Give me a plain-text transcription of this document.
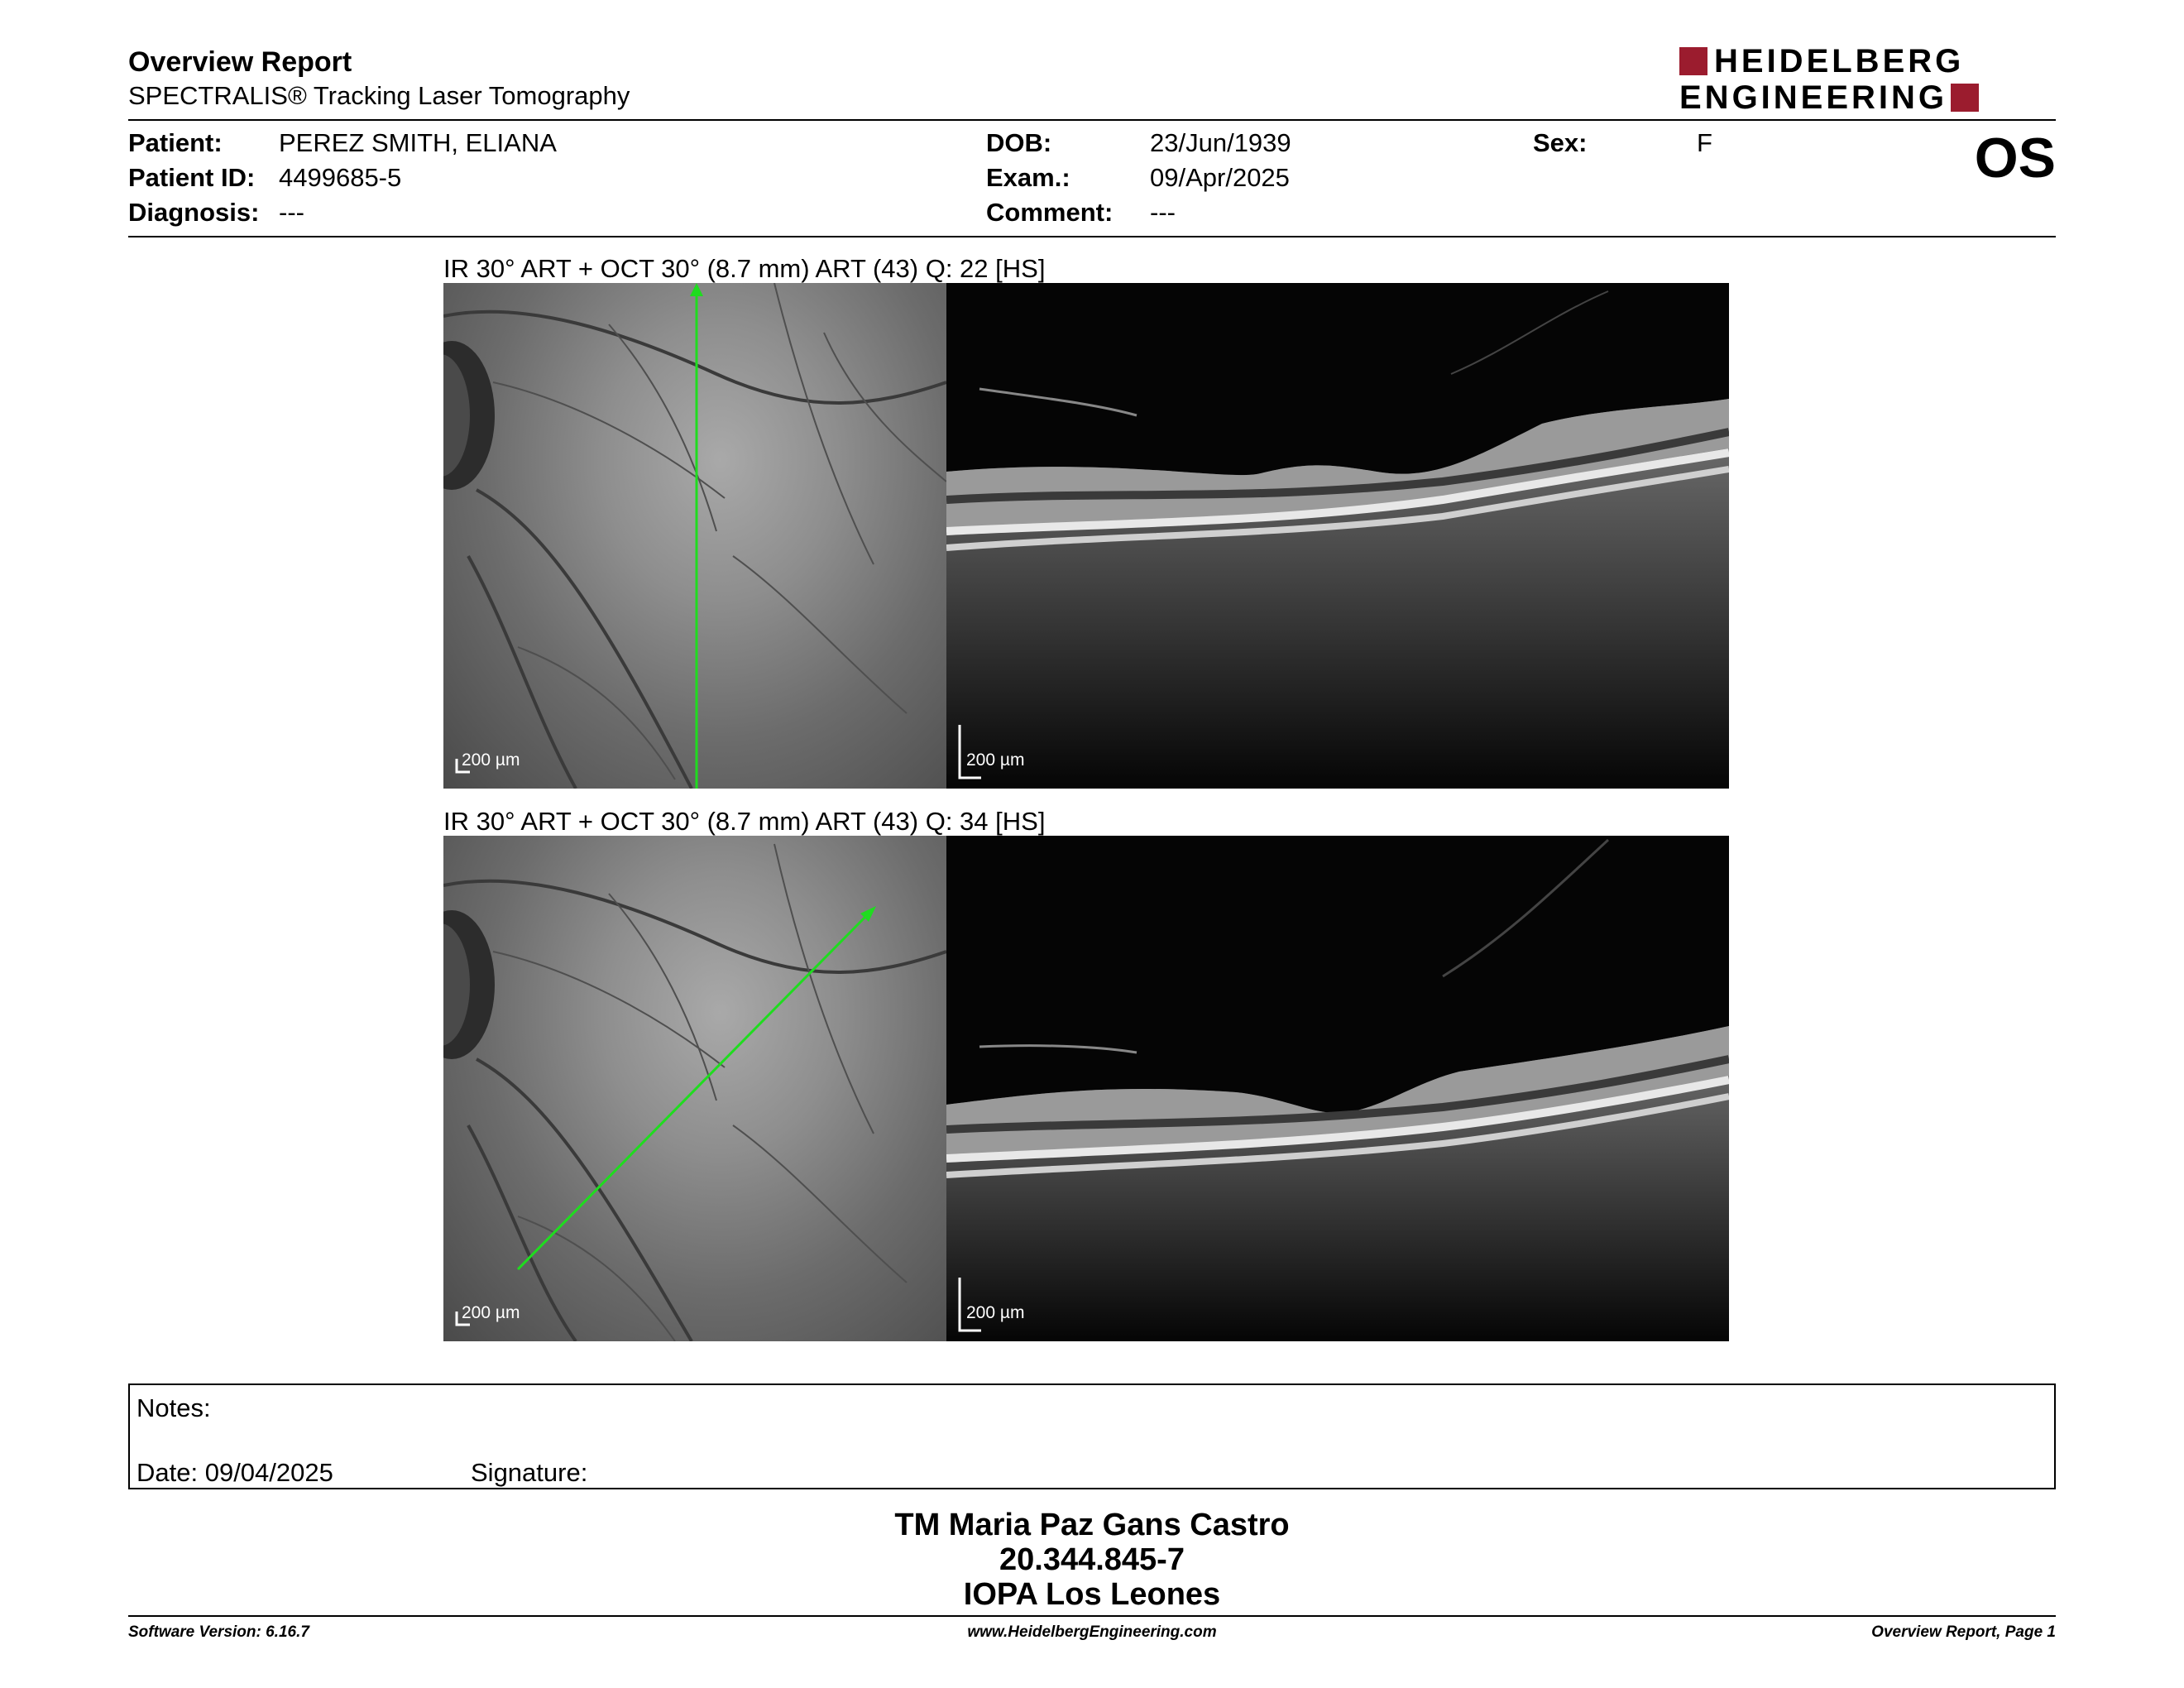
Overview Report
SPECTRALIS® Tracking Laser Tomography
HEIDELBERG
ENGINEERING
Patient: PEREZ SMITH, ELIANA
Patient ID: 4499685-5
Diagnosis: ---
DOB:	23/Jun/1939
Exam.:	09/Apr/2025
Comment: ---
Sex:	F	OS
IR 30° ART + OCT 30° (8.7 mm) ART (43) Q: 22 [HS]
200 µm	200 µm
IR 30° ART + OCT 30° (8.7 mm) ART (43) Q: 34 [HS]
200 µm	200 µm
Notes:
Date: 09/04/2025	Signature:
TM Maria Paz Gans Castro
20.344.845-7
IOPA Los Leones
Software Version: 6.16.7	www.HeidelbergEngineering.com	Overview Report, Page 1
